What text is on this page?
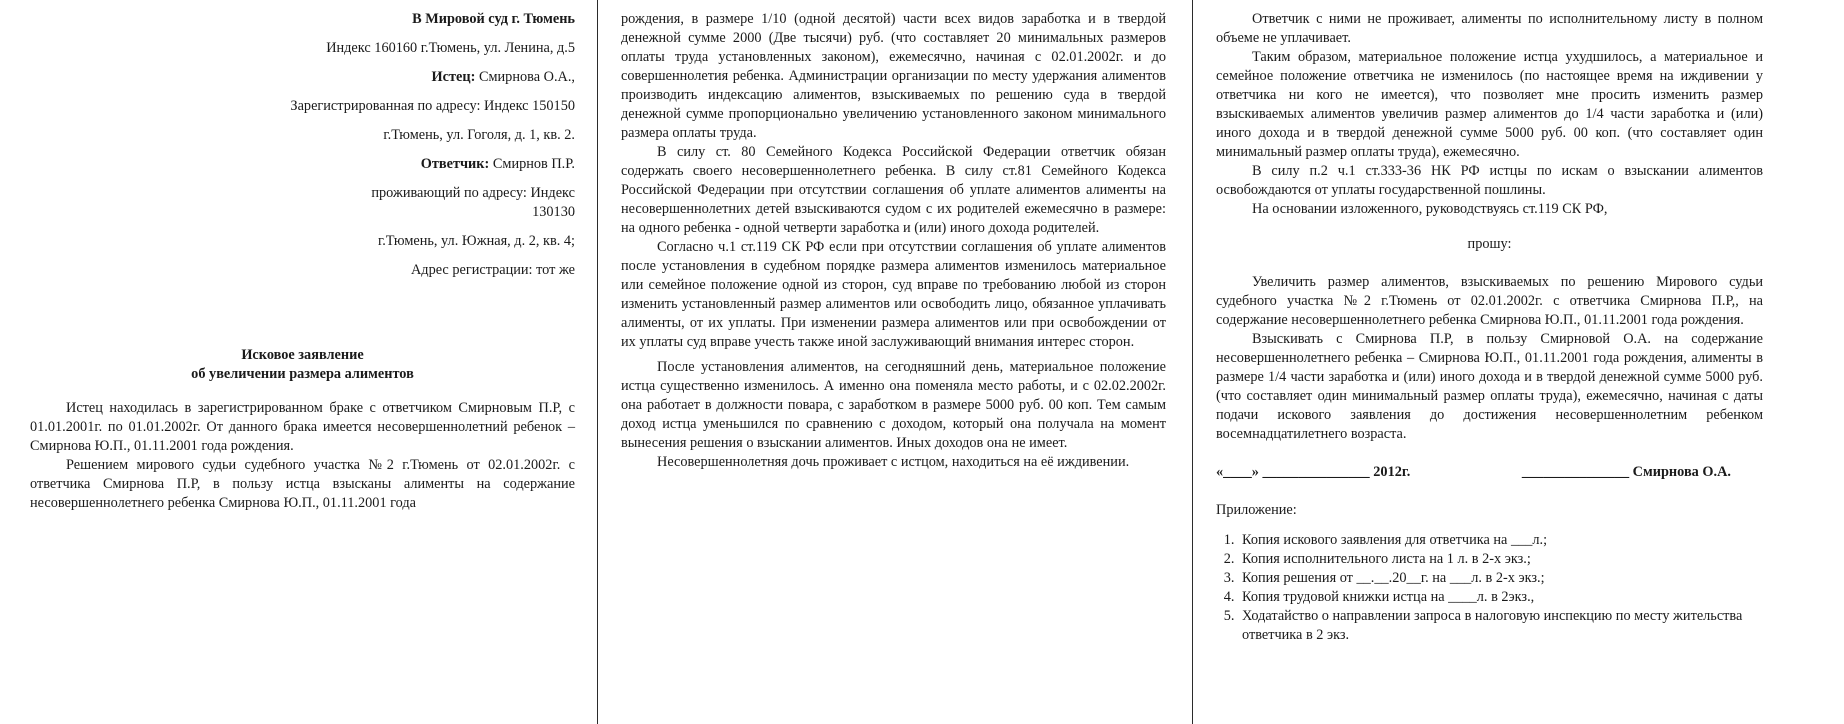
В Мировой суд г. Тюмень

Индекс 160160 г.Тюмень, ул. Ленина, д.5

Истец: Смирнова О.А.,

Зарегистрированная по адресу: Индекс 150150

г.Тюмень, ул. Гоголя, д. 1, кв. 2.

Ответчик: Смирнов П.Р.

проживающий по адресу: Индекс 130130

г.Тюмень, ул. Южная, д. 2, кв. 4;

Адрес регистрации: тот же

Исковое заявление

об увеличении размера алиментов

Истец находилась в зарегистрированном браке с ответчиком Смирновым П.Р, с 01.01.2001г. по 01.01.2002г. От данного брака имеется несовершеннолетний ребенок – Смирнова Ю.П., 01.11.2001 года рождения.

Решением мирового судьи судебного участка №2 г.Тюмень от 02.01.2002г. с ответчика Смирнова П.Р, в пользу истца взысканы алименты на содержание несовершеннолетнего ребенка Смирнова Ю.П., 01.11.2001 года

рождения, в размере 1/10 (одной десятой) части всех видов заработка и в твердой денежной сумме 2000 (Две тысячи) руб. (что составляет 20 минимальных размеров оплаты труда установленных законом), ежемесячно, начиная с 02.01.2002г. и до совершеннолетия ребенка. Администрации организации по месту удержания алиментов производить индексацию алиментов, взыскиваемых по решению суда в твердой денежной сумме пропорционально увеличению установленного законом минимального размера оплаты труда.

В силу ст. 80 Семейного Кодекса Российской Федерации ответчик обязан содержать своего несовершеннолетнего ребенка. В силу ст.81 Семейного Кодекса Российской Федерации при отсутствии соглашения об уплате алиментов алименты на несовершеннолетних детей взыскиваются судом с их родителей ежемесячно в размере: на одного ребенка - одной четверти заработка и (или) иного дохода родителей.

Согласно ч.1 ст.119 СК РФ если при отсутствии соглашения об уплате алиментов после установления в судебном порядке размера алиментов изменилось материальное или семейное положение одной из сторон, суд вправе по требованию любой из сторон изменить установленный размер алиментов или освободить лицо, обязанное уплачивать алименты, от их уплаты. При изменении размера алиментов или при освобождении от их уплаты суд вправе учесть также иной заслуживающий внимания интерес сторон.

После установления алиментов, на сегодняшний день, материальное положение истца существенно изменилось. А именно она поменяла место работы, и с 02.02.2002г. она работает в должности повара, с заработком в размере 5000 руб. 00 коп. Тем самым доход истца уменьшился по сравнению с доходом, который она получала на момент вынесения решения о взыскании алиментов. Иных доходов она не имеет.

Несовершеннолетняя дочь проживает с истцом, находиться на её иждивении.

Ответчик с ними не проживает, алименты по исполнительному листу в полном объеме не уплачивает.

Таким образом, материальное положение истца ухудшилось, а материальное и семейное положение ответчика не изменилось (по настоящее время на иждивении у ответчика ни кого не имеется), что позволяет мне просить изменить размер взыскиваемых алиментов увеличив размер алиментов до 1/4 части заработка и (или) иного дохода и в твердой денежной сумме 5000 руб. 00 коп. (что составляет один минимальный размер оплаты труда), ежемесячно.

В силу п.2 ч.1 ст.333-36 НК РФ истцы по искам о взыскании алиментов освобождаются от уплаты государственной пошлины.

На основании изложенного, руководствуясь ст.119 СК РФ,

прошу:

Увеличить размер алиментов, взыскиваемых по решению Мирового судьи судебного участка №2 г.Тюмень от 02.01.2002г. с ответчика Смирнова П.Р,, на содержание несовершеннолетнего ребенка Смирнова Ю.П., 01.11.2001 года рождения.

Взыскивать с Смирнова П.Р, в пользу Смирновой О.А. на содержание несовершеннолетнего ребенка – Смирнова Ю.П., 01.11.2001 года рождения, алименты в размере 1/4 части заработка и (или) иного дохода и в твердой денежной сумме 5000 руб.(что составляет один минимальный размер оплаты труда), ежемесячно, начиная с даты подачи искового заявления до достижения несовершеннолетним ребенком восемнадцатилетнего возраста.

«____» _______________ 2012г.	_______________ Смирнова О.А.

Приложение:

1. Копия искового заявления для ответчика на ___л.;
2. Копия исполнительного листа на 1 л. в 2-х экз.;
3. Копия решения от __.__.20__г. на ___л. в 2-х экз.;
4. Копия трудовой книжки истца на ____л. в 2экз.,
5. Ходатайство о направлении запроса в налоговую инспекцию по месту жительства ответчика в 2 экз.
